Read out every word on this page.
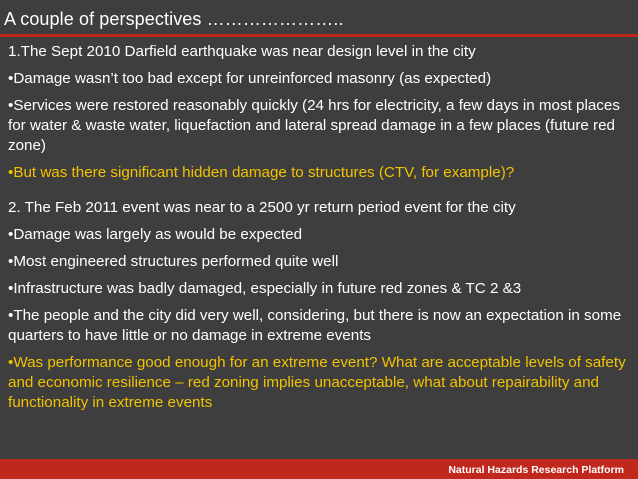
A couple of perspectives …………………..

1.The Sept 2010 Darfield earthquake was near design level in the city

•Damage wasn’t too bad except for unreinforced masonry (as expected)

•Services were restored reasonably quickly (24 hrs for electricity, a few days in most places for water & waste water, liquefaction and lateral spread damage in a few places (future red zone)

•But was there significant hidden damage to structures (CTV, for example)?

2. The Feb 2011 event was near to a 2500 yr return period event for the city

•Damage was largely as would be expected

•Most engineered structures performed quite well

•Infrastructure was badly damaged, especially in future red zones & TC 2 &3

•The people and the city did very well, considering, but there is now an expectation in some quarters to have little or no damage in extreme events

•Was performance good enough for an extreme event? What are acceptable levels of safety and economic resilience – red zoning implies unacceptable, what about repairability and functionality in extreme events

Natural Hazards Research Platform
